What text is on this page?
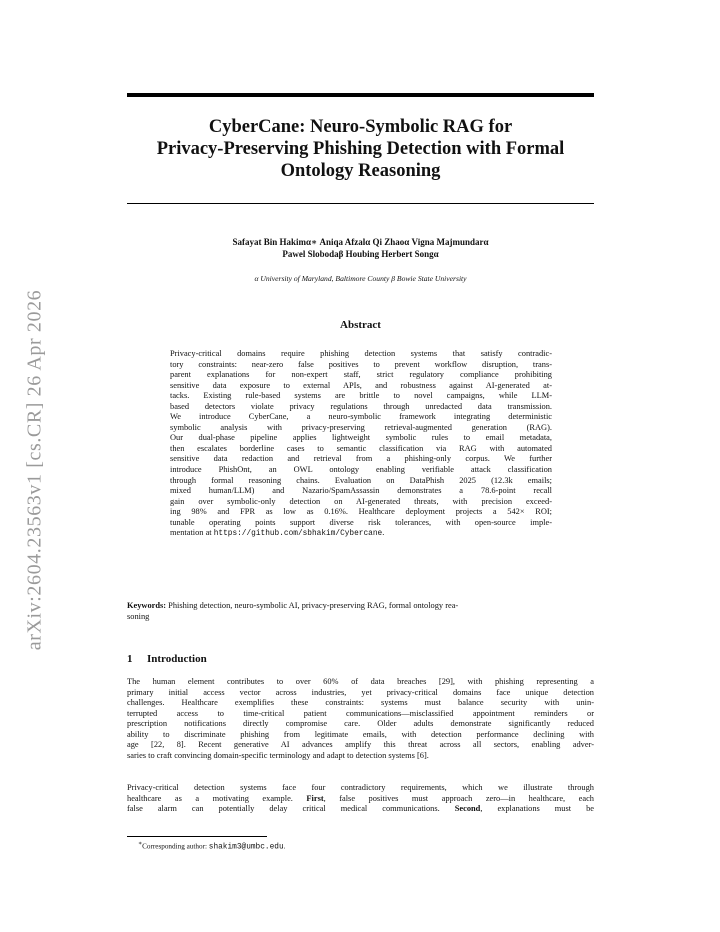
arXiv:2604.23563v1 [cs.CR] 26 Apr 2026
CyberCane: Neuro-Symbolic RAG for
Privacy-Preserving Phishing Detection with Formal
Ontology Reasoning
Safayat Bin Hakimα∗ Aniqa Afzalα Qi Zhaoα Vigna Majmundarα
Pawel Slobodaβ Houbing Herbert Songα
α University of Maryland, Baltimore County β Bowie State University
Abstract
Privacy-critical domains require phishing detection systems that satisfy contradic-
tory constraints: near-zero false positives to prevent workflow disruption, trans-
parent explanations for non-expert staff, strict regulatory compliance prohibiting
sensitive data exposure to external APIs, and robustness against AI-generated at-
tacks. Existing rule-based systems are brittle to novel campaigns, while LLM-
based detectors violate privacy regulations through unredacted data transmission.
We introduce CyberCane, a neuro-symbolic framework integrating deterministic
symbolic analysis with privacy-preserving retrieval-augmented generation (RAG).
Our dual-phase pipeline applies lightweight symbolic rules to email metadata,
then escalates borderline cases to semantic classification via RAG with automated
sensitive data redaction and retrieval from a phishing-only corpus. We further
introduce PhishOnt, an OWL ontology enabling verifiable attack classification
through formal reasoning chains. Evaluation on DataPhish 2025 (12.3k emails;
mixed human/LLM) and Nazario/SpamAssassin demonstrates a 78.6-point recall
gain over symbolic-only detection on AI-generated threats, with precision exceed-
ing 98% and FPR as low as 0.16%. Healthcare deployment projects a 542× ROI;
tunable operating points support diverse risk tolerances, with open-source imple-
mentation at https://github.com/sbhakim/Cybercane.
Keywords: Phishing detection, neuro-symbolic AI, privacy-preserving RAG, formal ontology rea-
soning
1 Introduction
The human element contributes to over 60% of data breaches [29], with phishing representing a
primary initial access vector across industries, yet privacy-critical domains face unique detection
challenges. Healthcare exemplifies these constraints: systems must balance security with unin-
terrupted access to time-critical patient communications—misclassified appointment reminders or
prescription notifications directly compromise care. Older adults demonstrate significantly reduced
ability to discriminate phishing from legitimate emails, with detection performance declining with
age [22, 8]. Recent generative AI advances amplify this threat across all sectors, enabling adver-
saries to craft convincing domain-specific terminology and adapt to detection systems [6].
Privacy-critical detection systems face four contradictory requirements, which we illustrate through
healthcare as a motivating example. First, false positives must approach zero—in healthcare, each
false alarm can potentially delay critical medical communications. Second, explanations must be
∗Corresponding author: shakim3@umbc.edu.
